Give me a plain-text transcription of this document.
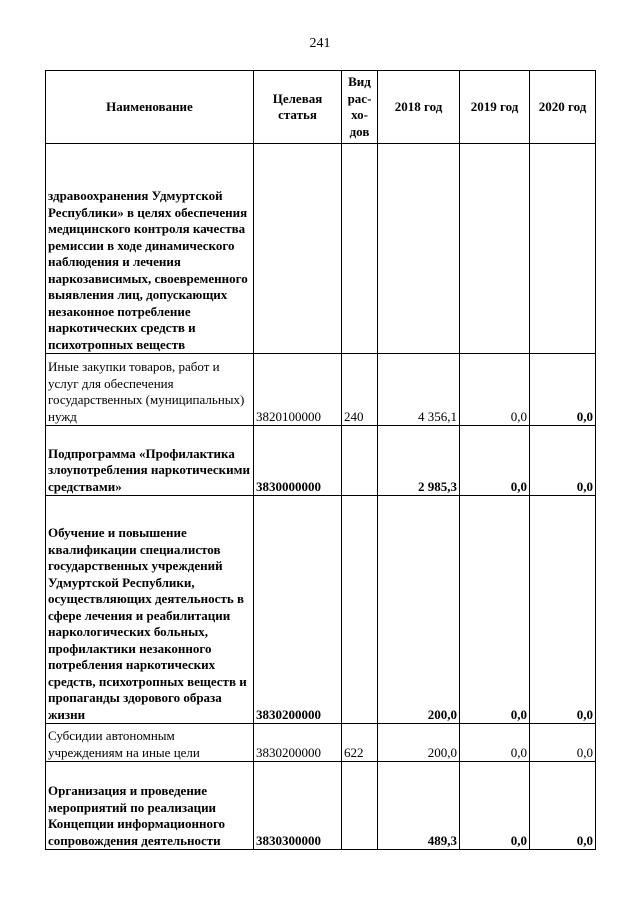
241
Наименование	Целевая статья	Вид рас-хо-дов	2018 год	2019 год	2020 год
здравоохранения Удмуртской Республики» в целях обеспечения медицинского контроля качества ремиссии в ходе динамического наблюдения и лечения наркозависимых, своевременного выявления лиц, допускающих незаконное потребление наркотических средств и психотропных веществ					
Иные закупки товаров, работ и услуг для обеспечения государственных (муниципальных) нужд	3820100000	240	4 356,1	0,0	0,0
Подпрограмма «Профилактика злоупотребления наркотическими средствами»	3830000000		2 985,3	0,0	0,0
Обучение и повышение квалификации специалистов государственных учреждений Удмуртской Республики, осуществляющих деятельность в сфере лечения и реабилитации наркологических больных, профилактики незаконного потребления наркотических средств, психотропных веществ и пропаганды здорового образа жизни	3830200000		200,0	0,0	0,0
Субсидии автономным учреждениям на иные цели	3830200000	622	200,0	0,0	0,0
Организация и проведение мероприятий по реализации Концепции информационного сопровождения деятельности	3830300000		489,3	0,0	0,0
